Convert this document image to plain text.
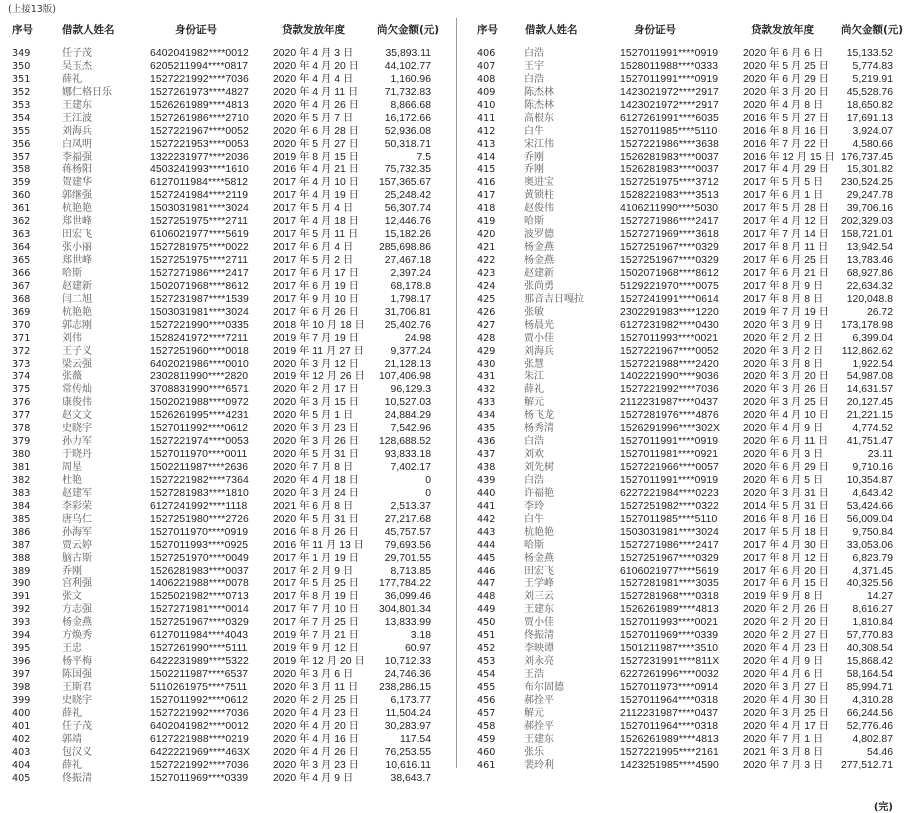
(上接13版)
序号	借款人姓名	身份证号	贷款发放年度	尚欠金额(元)
349	任子茂	6402041982****0012 2020 年 4 月 3 日	35,893.11
350	吴玉杰	6205211994****0817 2020 年 4 月 20 日 44,102.77
351	薛礼	1527221992****7036 2020 年 4 月 4 日	1,160.96
352	娜仁格日乐	1527261973****4827 2020 年 4 月 11 日	71,732.83
353	王建东	1526261989****4813 2020 年 4 月 26 日	8,866.68
354	王江波	1527261986****2710 2020 年 5 月 7 日	16,172.66
355	刘海兵	1527221967****0052 2020 年 6 月 28 日 52,936.08
356	白凤明	1527221953****0053 2020 年 5 月 27 日 50,318.71
357	李福强	1322231977****2036 2019 年 8 月 15 日	7.5
358	蒋杨阳	4503241993****1610 2016 年 4 月 21 日 75,732.35
359	贺建华	6127011984****5812 2017 年 4 月 10 日 157,365.67
360	郭继强	1527241984****2119 2017 年 4 月 19 日 25,248.42
361	杭艳艳	1503031981****3024 2017 年 5 月 4 日	56,307.74
362	郑世峰	1527251975****2711 2017 年 4 月 18 日 12,446.76
363	田宏飞	6106021977****5619 2017 年 5 月 11 日	15,182.26
364	张小丽	1527281975****0022 2017 年 6 月 4 日 285,698.86
365	郑世峰	1527251975****2711 2017 年 5 月 2 日	27,467.18
366	哈斯	1527271986****2417 2017 年 6 月 17 日	2,397.24
367	赵建新	1502071968****8612 2017 年 6 月 19 日	68,178.8
368	闫二旭	1527231987****1539 2017 年 9 月 10 日	1,798.17
369	杭艳艳	1503031981****3024 2017 年 6 月 26 日 31,706.81
370	郭志刚	1527221990****0335 2018 年 10 月 18 日 25,402.76
371	刘伟	1528241972****7211 2019 年 7 月 19 日	24.98
372	王子义	1527251960****0018 2019 年 11 月 27 日	9,377.24
373	梁云强	6402021986****0010 2020 年 3 月 12 日 21,128.13
374	张薇	2302811990****2820 2019 年 12 月 26 日 107,406.98
375	常传灿	3708831990****6571 2020 年 2 月 17 日	96,129.3
376	康俊伟	1502021988****0972 2020 年 3 月 15 日 10,527.03
377	赵文文	1526261995****4231 2020 年 5 月 1 日	24,884.29
378	史晓宇	1527011992****0612 2020 年 3 月 23 日	7,542.96
379	孙力军	1527221974****0053 2020 年 3 月 26 日 128,688.52
380	于晓丹	1527011970****0011 2020 年 5 月 31 日 93,833.18
381	周星	1502211987****2636 2020 年 7 月 8 日	7,402.17
382	杜艳	1527221982****7364 2020 年 4 月 18 日	0
383	赵建军	1527281983****1810 2020 年 3 月 24 日	0
384	李彩荣	6127241992****1118 2021 年 6 月 8 日	2,513.37
385	唐乌仁	1527251980****2726 2020 年 5 月 31 日 27,217.68
386	孙海军	1527011970****0919 2016 年 8 月 26 日 45,757.57
387	贾云婷	1527011993****0925 2016 年 11 月 13 日 79,693.56
388	脑古斯	1527251970****0049 2017 年 1 月 19 日 29,701.55
389	乔刚	1526281983****0037 2017 年 2 月 9 日	8,713.85
390	宫利强	1406221988****0078 2017 年 5 月 25 日 177,784.22
391	张文	1525021982****0713 2017 年 8 月 19 日 36,099.46
392	方志强	1527271981****0014 2017 年 7 月 10 日 304,801.34
393	杨金燕	1527251967****0329 2017 年 7 月 25 日 13,833.99
394	方焕秀	6127011984****4043 2019 年 7 月 21 日	3.18
395	王忠	1527261990****5111 2019 年 9 月 12 日	60.97
396	杨平梅	6422231989****5322 2019 年 12 月 20 日 10,712.33
397	陈国强	1502211987****6537 2020 年 3 月 6 日	24,746.36
398	王斯君	5110261975****7511 2020 年 3 月 11 日 238,286.15
399	史晓宇	1527011992****0612 2020 年 2 月 25 日	6,173.77
400	薛礼	1527221992****7036 2020 年 4 月 23 日	11,504.24
401	任子茂	6402041982****0012 2020 年 4 月 20 日 30,283.97
402	郭靖	6127221988****0219 2020 年 4 月 16 日	117.54
403	包汉义	6422221969****463X 2020 年 4 月 26 日 76,253.55
404	薛礼	1527221992****7036 2020 年 3 月 23 日	10,616.11
405	佟振清	1527011969****0339 2020 年 4 月 9 日	38,643.7
序号	借款人姓名	身份证号	贷款发放年度	尚欠金额(元)
406	白浩	1527011991****0919 2020 年 6 月 6 日 15,133.52
407	王宇	1528011988****0333 2020 年 5 月 25 日 5,774.83
408	白浩	1527011991****0919 2020 年 6 月 29 日 5,219.91
409	陈杰林	1423021972****2917 2020 年 3 月 20 日 45,528.76
410	陈杰林	1423021972****2917 2020 年 4 月 8 日 18,650.82
411	高根东	6127261991****6035 2016 年 5 月 27 日 17,691.13
412	白牛	1527011985****5110 2016 年 8 月 16 日 3,924.07
413	宋江伟	1527221986****3638 2016 年 7 月 22 日 4,580.66
414	乔刚	1526281983****0037 2016 年 12 月 15 日 176,737.45
415	乔刚	1526281983****0037 2017 年 4 月 29 日 15,301.82
416	奥进宝	1527251975****3712 2017 年 5 月 5 日 230,524.25
417	黄锁柱	1528221983****3513 2017 年 6 月 1 日 29,247.78
418	赵俊伟	4106211990****5030 2017 年 5 月 28 日 39,706.16
419	哈斯	1527271986****2417 2017 年 4 月 12 日 202,329.03
420	波罗德	1527271969****3618 2017 年 7 月 14 日 158,721.01
421	杨金燕	1527251967****0329 2017 年 8 月 11 日 13,942.54
422	杨金燕	1527251967****0329 2017 年 6 月 25 日 13,783.46
423	赵建新	1502071968****8612 2017 年 6 月 21 日 68,927.86
424	张尚勇	5129221970****0075 2017 年 8 月 9 日 22,634.32
425	那音吉日嘎拉	1527241991****0614 2017 年 8 月 8 日 120,048.8
426	张敏	2302291983****1220 2019 年 7 月 19 日	26.72
427	杨晨光	6127231982****0430 2020 年 3 月 9 日 173,178.98
428	贾小佳	1527011993****0021 2020 年 2 月 2 日	6,399.04
429	刘海兵	1527221967****0052 2020 年 3 月 2 日 112,862.62
430	张慧	1527221988****2420 2020 年 3 月 8 日	1,922.54
431	朱江	1402221990****9036 2020 年 3 月 20 日 54,987.08
432	薛礼	1527221992****7036 2020 年 3 月 26 日 14,631.57
433	解元	2112231987****0437 2020 年 3 月 25 日 20,127.45
434	杨飞龙	1527281976****4876 2020 年 4 月 10 日 21,221.15
435	杨秀清	1526291996****302X 2020 年 4 月 9 日	4,774.52
436	白浩	1527011991****0919 2020 年 6 月 11 日 41,751.47
437	刘欢	1527011981****0921 2020 年 6 月 3 日	23.11
438	刘先树	1527221966****0057 2020 年 6 月 29 日 9,710.16
439	白浩	1527011991****0919 2020 年 6 月 5 日 10,354.87
440	许福艳	6227221984****0223 2020 年 3 月 31 日 4,643.42
441	李玲	1527251982****0322 2014 年 5 月 31 日 53,424.66
442	白牛	1527011985****5110 2016 年 8 月 16 日 56,009.04
443	杭艳艳	1503031981****3024 2017 年 5 月 18 日 9,750.84
444	哈斯	1527271986****2417 2017 年 4 月 30 日 33,053.06
445	杨金燕	1527251967****0329 2017 年 8 月 12 日 6,823.79
446	田宏飞	6106021977****5619 2017 年 6 月 20 日 4,371.45
447	王学峰	1527281981****3035 2017 年 6 月 15 日 40,325.56
448	刘三云	1527281968****0318 2019 年 9 月 8 日	14.27
449	王建东	1526261989****4813 2020 年 2 月 26 日 8,616.27
450	贾小佳	1527011993****0021 2020 年 2 月 20 日 1,810.84
451	佟振清	1527011969****0339 2020 年 2 月 27 日 57,770.83
452	李映谭	1501211987****3510 2020 年 4 月 23 日 40,308.54
453	刘永亮	1527231991****811X 2020 年 4 月 9 日 15,868.42
454	王浩	6227261996****0032 2020 年 4 月 6 日 58,164.54
455	布尔固德	1527011973****0914 2020 年 3 月 27 日 85,994.71
456	郝拴平	1527011964****0318 2020 年 4 月 30 日 4,310.28
457	解元	2112231987****0437 2020 年 3 月 25 日 66,244.56
458	郝拴平	1527011964****0318 2020 年 4 月 17 日 52,776.46
459	王建东	1526261989****4813 2020 年 7 月 1 日	4,802.87
460	张乐	1527221995****2161 2021 年 3 月 8 日	54.46
461	裴玲利	1423251985****4590 2020 年 7 月 3 日 277,512.71
(完)
